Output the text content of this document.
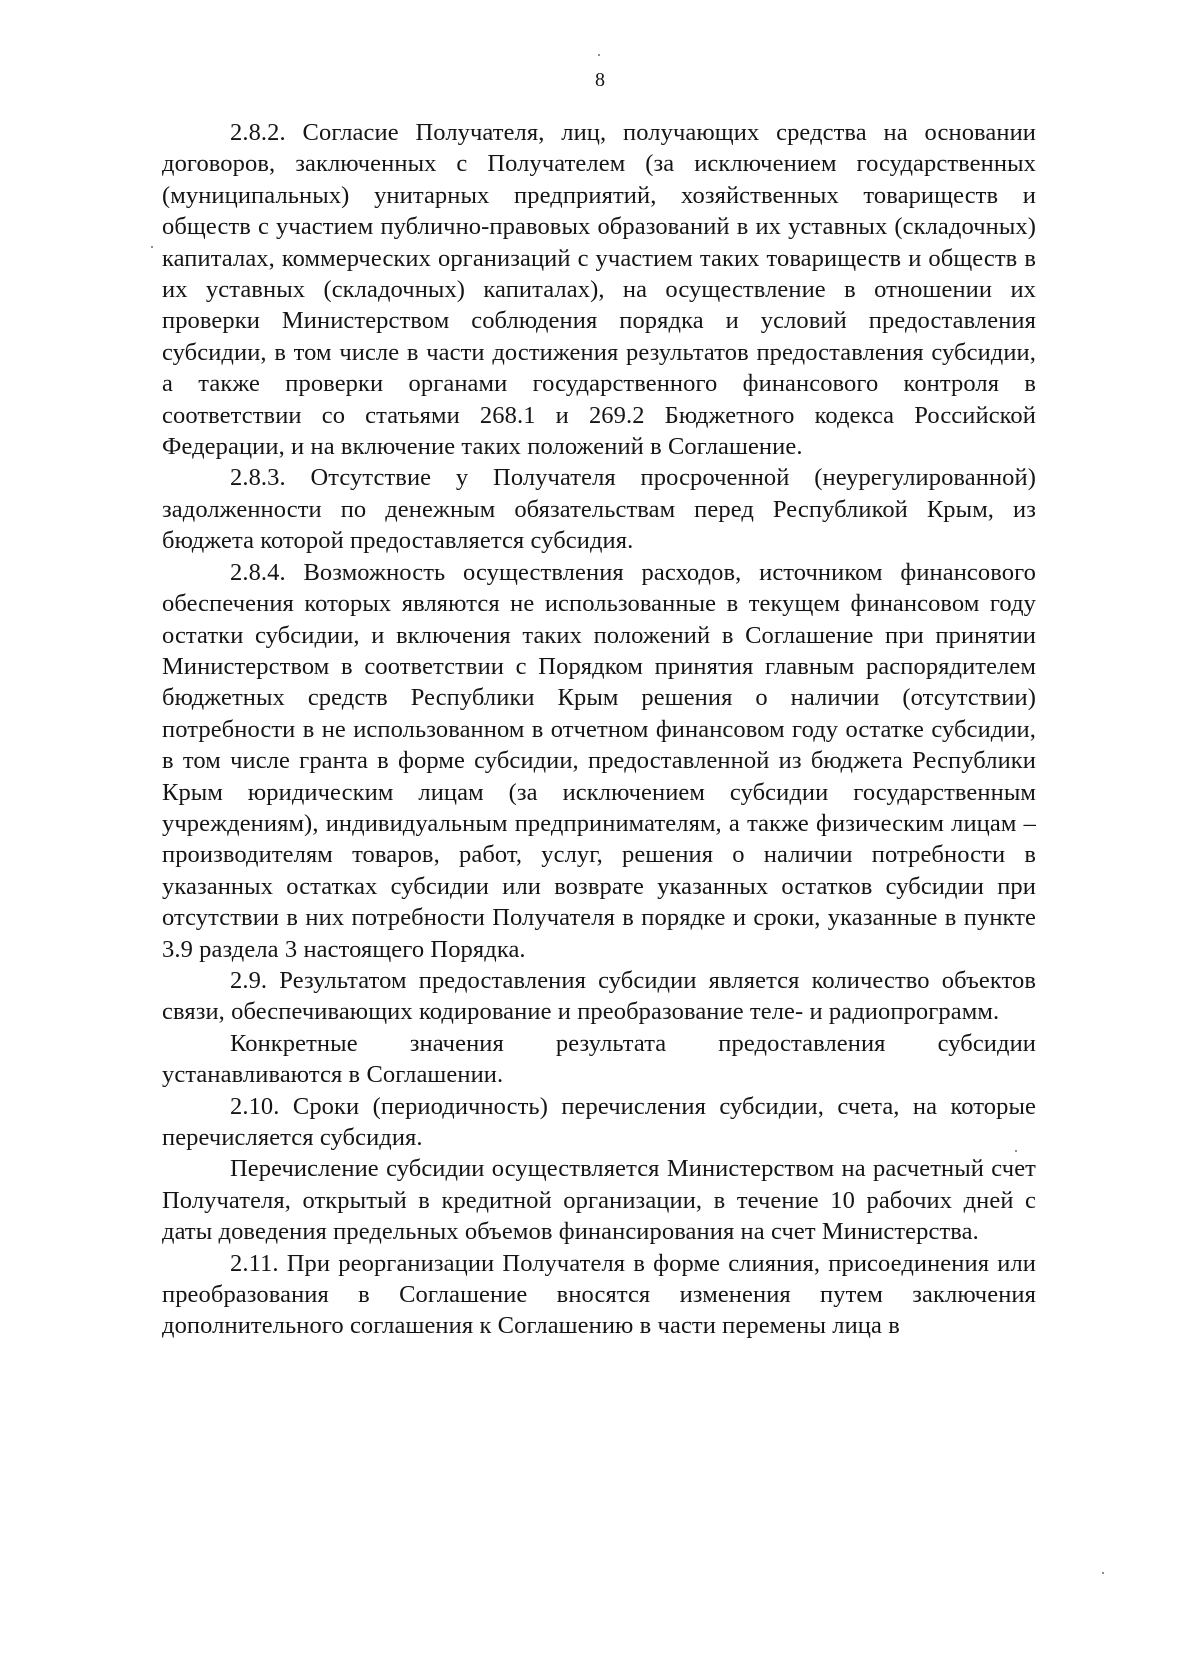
8

2.8.2. Согласие Получателя, лиц, получающих средства на основании договоров, заключенных с Получателем (за исключением государственных (муниципальных) унитарных предприятий, хозяйственных товариществ и обществ с участием публично-правовых образований в их уставных (складочных) капиталах, коммерческих организаций с участием таких товариществ и обществ в их уставных (складочных) капиталах), на осуществление в отношении их проверки Министерством соблюдения порядка и условий предоставления субсидии, в том числе в части достижения результатов предоставления субсидии, а также проверки органами государственного финансового контроля в соответствии со статьями 268.1 и 269.2 Бюджетного кодекса Российской Федерации, и на включение таких положений в Соглашение.

2.8.3. Отсутствие у Получателя просроченной (неурегулированной) задолженности по денежным обязательствам перед Республикой Крым, из бюджета которой предоставляется субсидия.

2.8.4. Возможность осуществления расходов, источником финансового обеспечения которых являются не использованные в текущем финансовом году остатки субсидии, и включения таких положений в Соглашение при принятии Министерством в соответствии с Порядком принятия главным распорядителем бюджетных средств Республики Крым решения о наличии (отсутствии) потребности в не использованном в отчетном финансовом году остатке субсидии, в том числе гранта в форме субсидии, предоставленной из бюджета Республики Крым юридическим лицам (за исключением субсидии государственным учреждениям), индивидуальным предпринимателям, а также физическим лицам – производителям товаров, работ, услуг, решения о наличии потребности в указанных остатках субсидии или возврате указанных остатков субсидии при отсутствии в них потребности Получателя в порядке и сроки, указанные в пункте 3.9 раздела 3 настоящего Порядка.

2.9. Результатом предоставления субсидии является количество объектов связи, обеспечивающих кодирование и преобразование теле- и радиопрограмм.

Конкретные значения результата предоставления субсидии устанавливаются в Соглашении.

2.10. Сроки (периодичность) перечисления субсидии, счета, на которые перечисляется субсидия.

Перечисление субсидии осуществляется Министерством на расчетный счет Получателя, открытый в кредитной организации, в течение 10 рабочих дней с даты доведения предельных объемов финансирования на счет Министерства.

2.11. При реорганизации Получателя в форме слияния, присоединения или преобразования в Соглашение вносятся изменения путем заключения дополнительного соглашения к Соглашению в части перемены лица в
